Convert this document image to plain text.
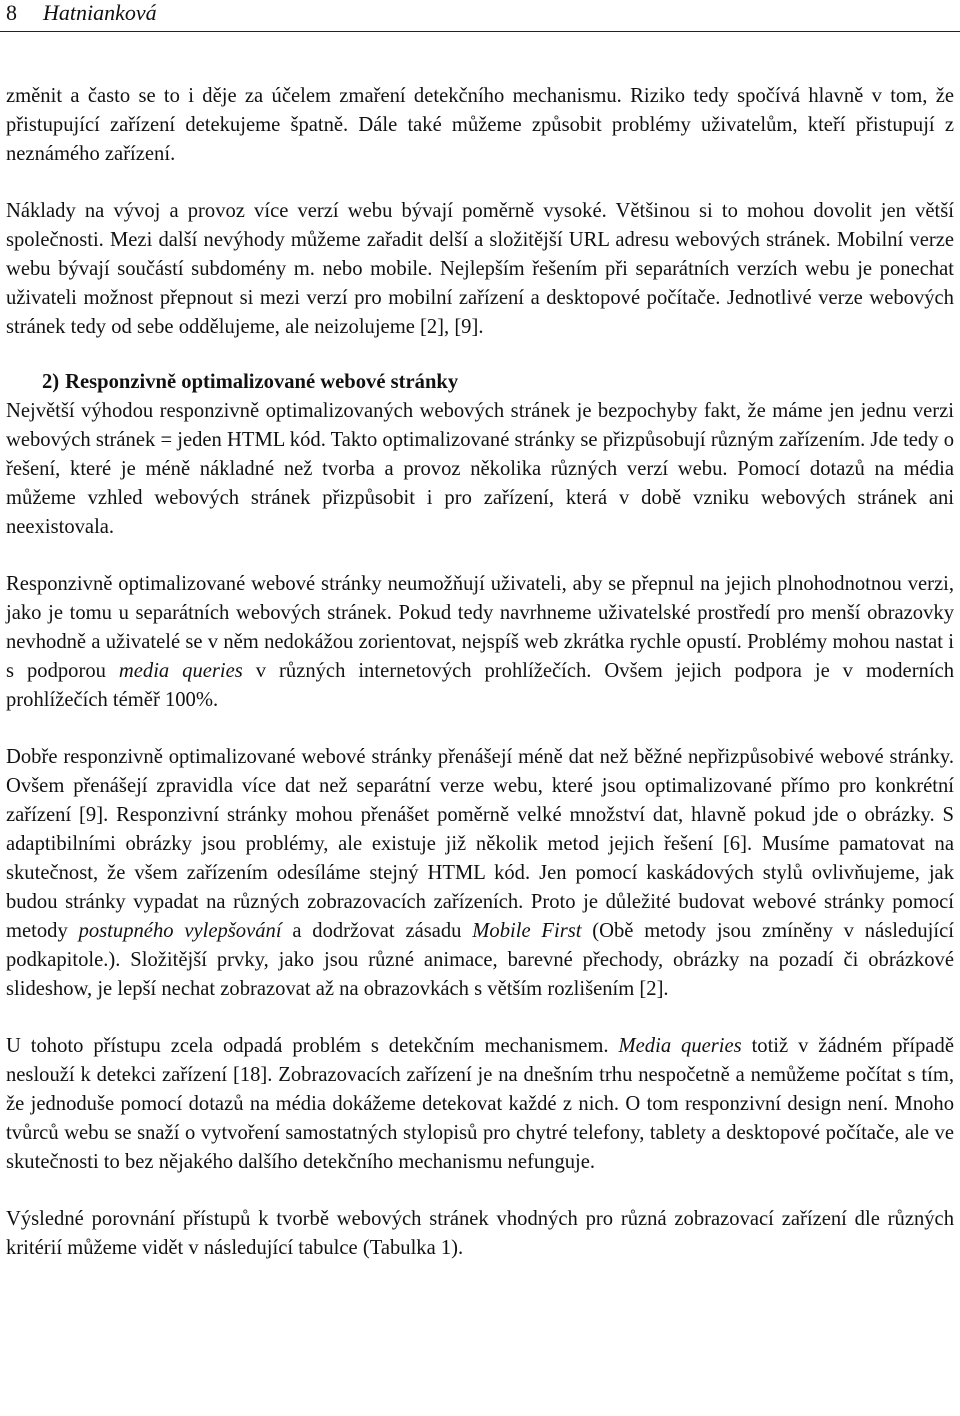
8 Hatnianková

změnit a často se to i děje za účelem zmaření detekčního mechanismu. Riziko tedy spočívá hlavně v tom, že přistupující zařízení detekujeme špatně. Dále také můžeme způsobit problémy uživatelům, kteří přistupují z neznámého zařízení.

Náklady na vývoj a provoz více verzí webu bývají poměrně vysoké. Většinou si to mohou dovolit jen větší společnosti. Mezi další nevýhody můžeme zařadit delší a složitější URL adresu webových stránek. Mobilní verze webu bývají součástí subdomény m. nebo mobile. Nejlepším řešením při separátních verzích webu je ponechat uživateli možnost přepnout si mezi verzí pro mobilní zařízení a desktopové počítače. Jednotlivé verze webových stránek tedy od sebe oddělujeme, ale neizolujeme [2], [9].

2) Responzivně optimalizované webové stránky

Největší výhodou responzivně optimalizovaných webových stránek je bezpochyby fakt, že máme jen jednu verzi webových stránek = jeden HTML kód. Takto optimalizované stránky se přizpůsobují různým zařízením. Jde tedy o řešení, které je méně nákladné než tvorba a provoz několika různých verzí webu. Pomocí dotazů na média můžeme vzhled webových stránek přizpůsobit i pro zařízení, která v době vzniku webových stránek ani neexistovala.

Responzivně optimalizované webové stránky neumožňují uživateli, aby se přepnul na jejich plnohodnotnou verzi, jako je tomu u separátních webových stránek. Pokud tedy navrhneme uživatelské prostředí pro menší obrazovky nevhodně a uživatelé se v něm nedokážou zorientovat, nejspíš web zkrátka rychle opustí. Problémy mohou nastat i s podporou media queries v různých internetových prohlížečích. Ovšem jejich podpora je v moderních prohlížečích téměř 100%.

Dobře responzivně optimalizované webové stránky přenášejí méně dat než běžné nepřizpůsobivé webové stránky. Ovšem přenášejí zpravidla více dat než separátní verze webu, které jsou optimalizované přímo pro konkrétní zařízení [9]. Responzivní stránky mohou přenášet poměrně velké množství dat, hlavně pokud jde o obrázky. S adaptibilními obrázky jsou problémy, ale existuje již několik metod jejich řešení [6]. Musíme pamatovat na skutečnost, že všem zařízením odesíláme stejný HTML kód. Jen pomocí kaskádových stylů ovlivňujeme, jak budou stránky vypadat na různých zobrazovacích zařízeních. Proto je důležité budovat webové stránky pomocí metody postupného vylepšování a dodržovat zásadu Mobile First (Obě metody jsou zmíněny v následující podkapitole.). Složitější prvky, jako jsou různé animace, barevné přechody, obrázky na pozadí či obrázkové slideshow, je lepší nechat zobrazovat až na obrazovkách s větším rozlišením [2].

U tohoto přístupu zcela odpadá problém s detekčním mechanismem. Media queries totiž v žádném případě neslouží k detekci zařízení [18]. Zobrazovacích zařízení je na dnešním trhu nespočetně a nemůžeme počítat s tím, že jednoduše pomocí dotazů na média dokážeme detekovat každé z nich. O tom responzivní design není. Mnoho tvůrců webu se snaží o vytvoření samostatných stylopisů pro chytré telefony, tablety a desktopové počítače, ale ve skutečnosti to bez nějakého dalšího detekčního mechanismu nefunguje.

Výsledné porovnání přístupů k tvorbě webových stránek vhodných pro různá zobrazovací zařízení dle různých kritérií můžeme vidět v následující tabulce (Tabulka 1).
